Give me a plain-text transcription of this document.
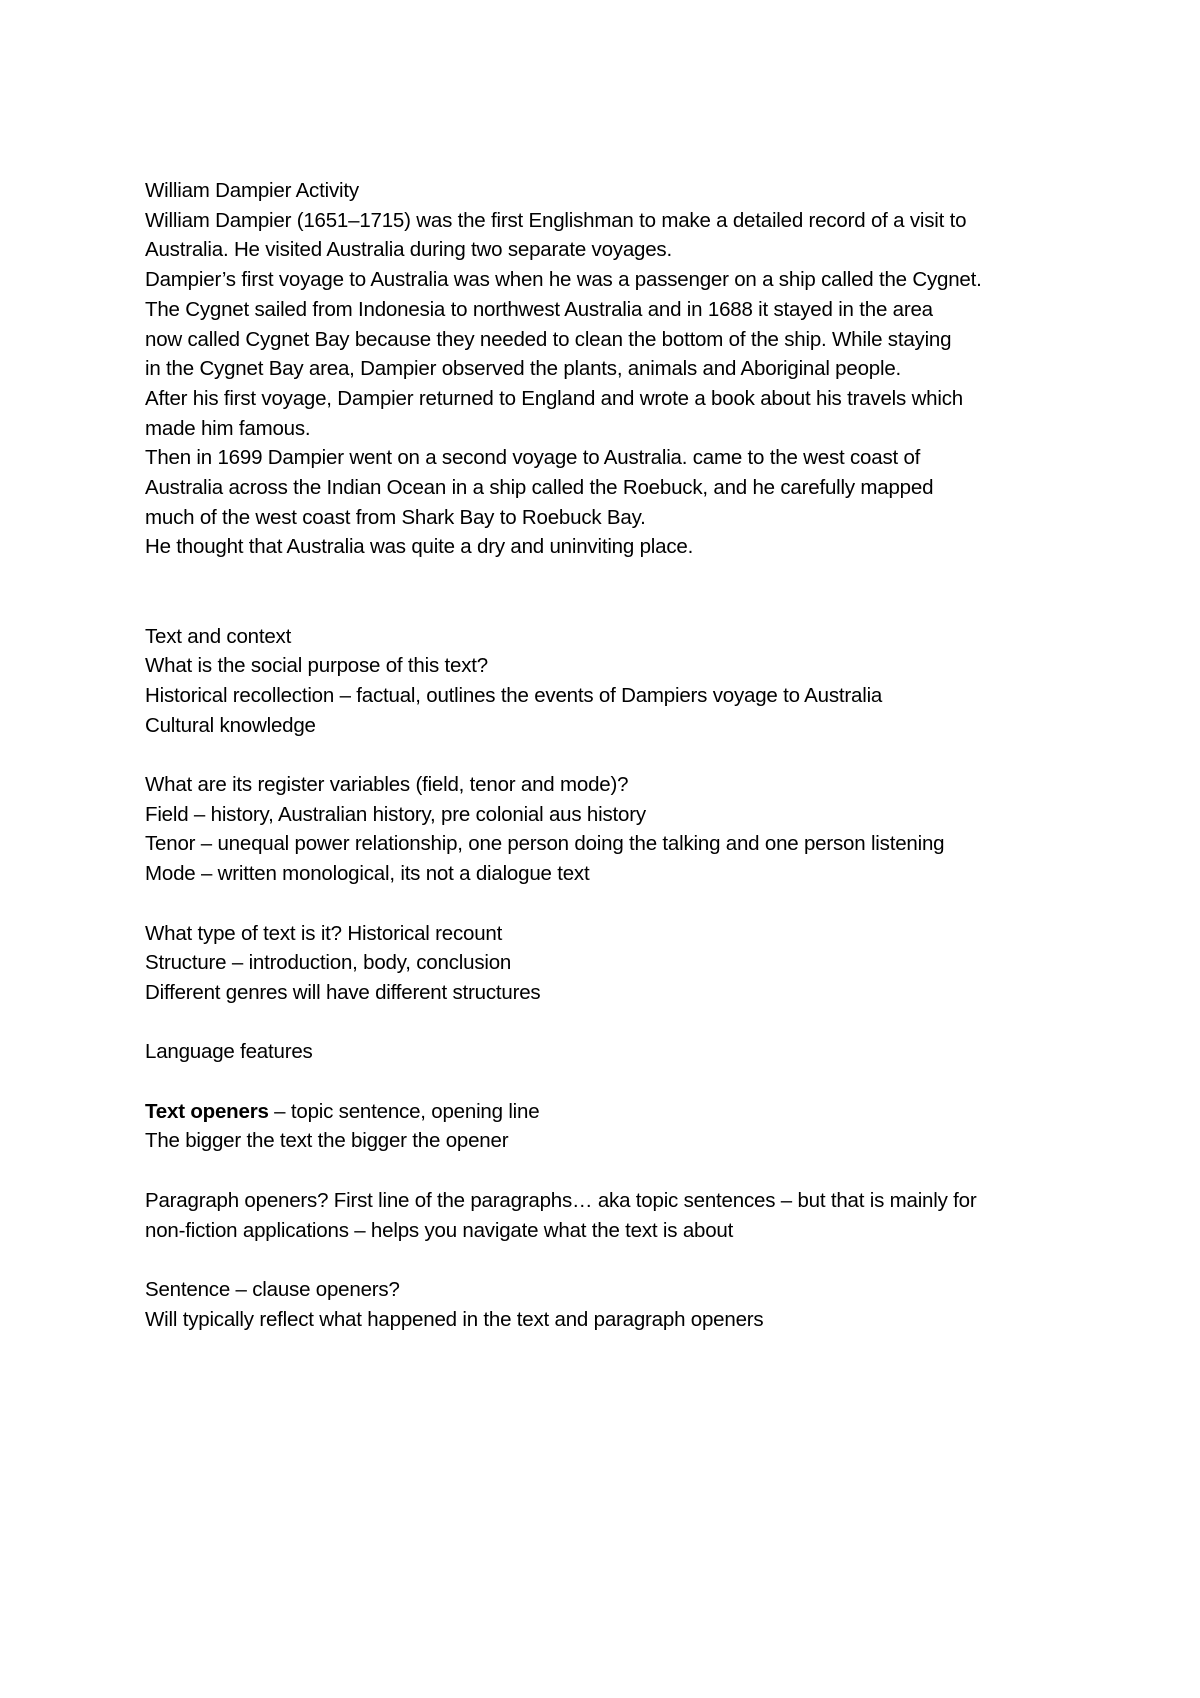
William Dampier Activity
William Dampier (1651–1715) was the first Englishman to make a detailed record of a visit to
Australia. He visited Australia during two separate voyages.
Dampier’s first voyage to Australia was when he was a passenger on a ship called the Cygnet.
The Cygnet sailed from Indonesia to northwest Australia and in 1688 it stayed in the area
now called Cygnet Bay because they needed to clean the bottom of the ship. While staying
in the Cygnet Bay area, Dampier observed the plants, animals and Aboriginal people.
After his first voyage, Dampier returned to England and wrote a book about his travels which
made him famous.
Then in 1699 Dampier went on a second voyage to Australia. came to the west coast of
Australia across the Indian Ocean in a ship called the Roebuck, and he carefully mapped
much of the west coast from Shark Bay to Roebuck Bay.
He thought that Australia was quite a dry and uninviting place.
Text and context
What is the social purpose of this text?
Historical recollection – factual, outlines the events of Dampiers voyage to Australia
Cultural knowledge
What are its register variables (field, tenor and mode)?
Field – history, Australian history, pre colonial aus history
Tenor – unequal power relationship, one person doing the talking and one person listening
Mode – written monological, its not a dialogue text
What type of text is it? Historical recount
Structure – introduction, body, conclusion
Different genres will have different structures
Language features
Text openers – topic sentence, opening line
The bigger the text the bigger the opener
Paragraph openers? First line of the paragraphs… aka topic sentences – but that is mainly for
non-fiction applications – helps you navigate what the text is about
Sentence – clause openers?
Will typically reflect what happened in the text and paragraph openers
